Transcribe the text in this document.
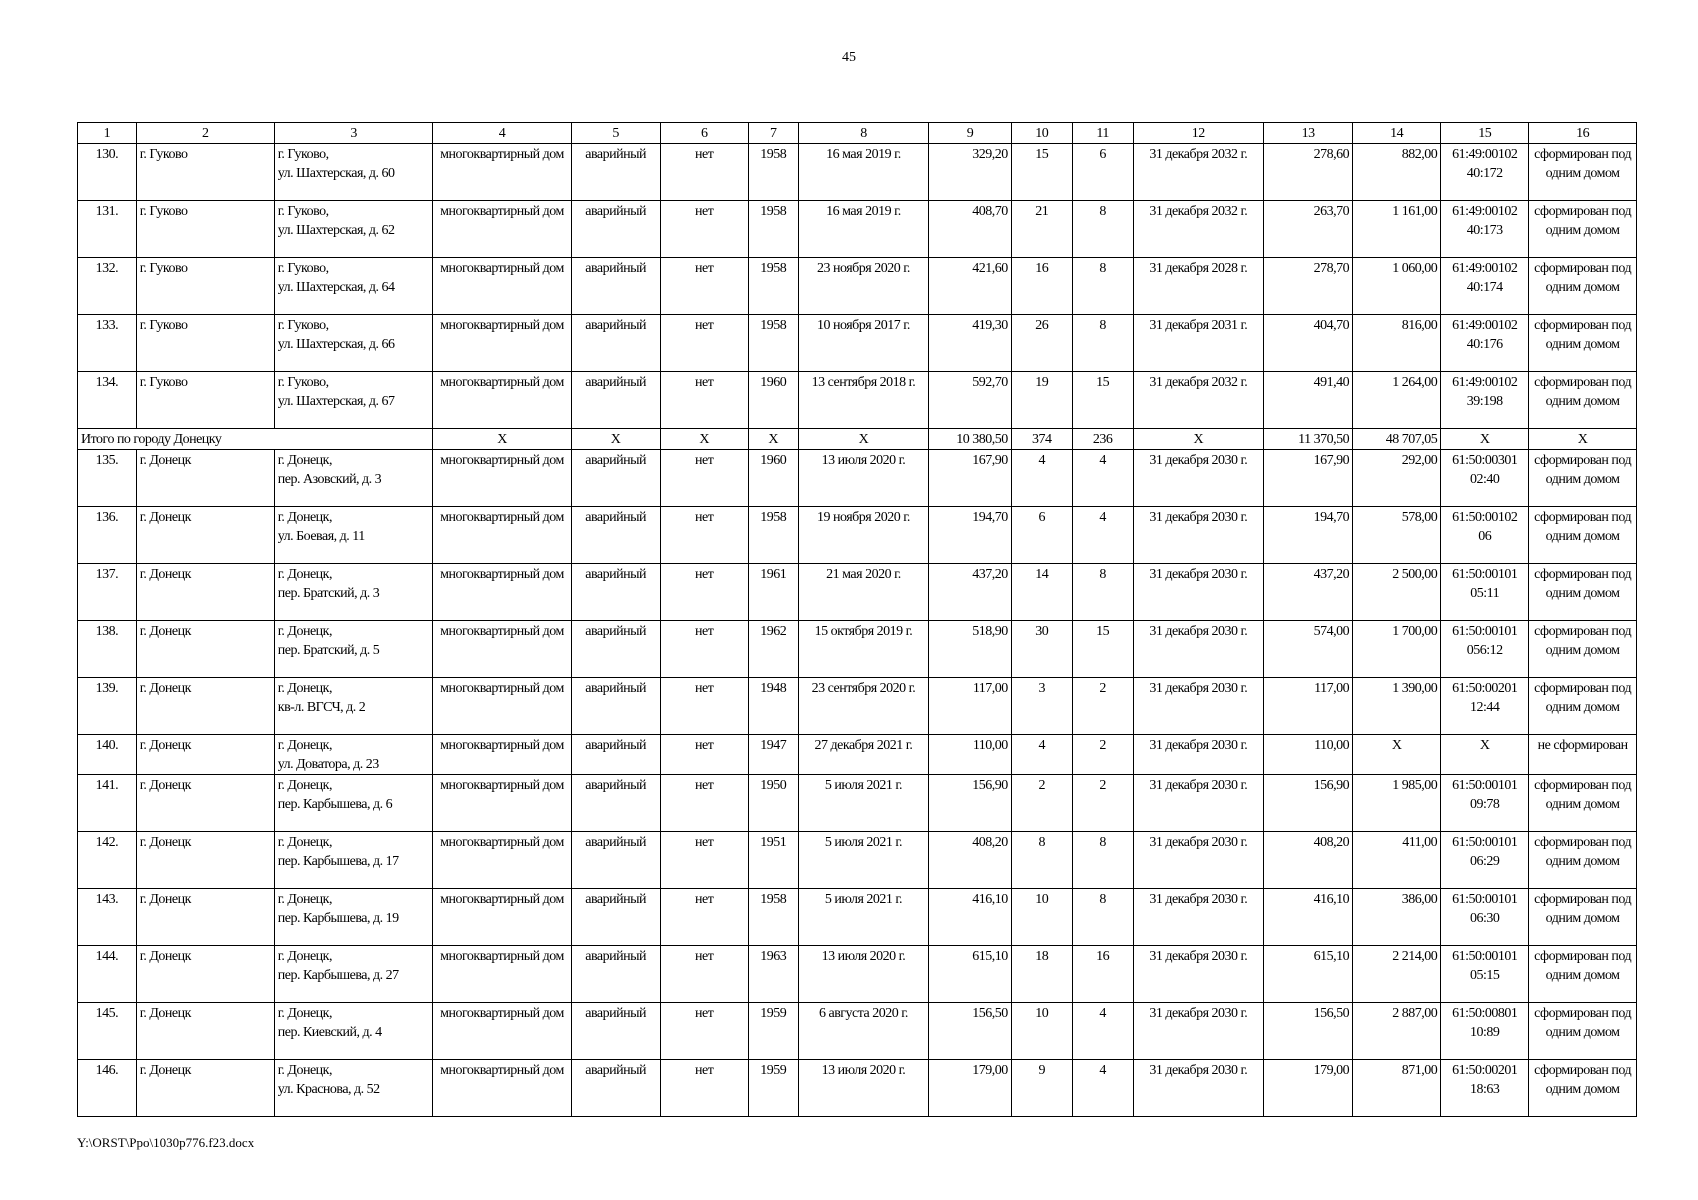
45
1	2	3	4	5	6	7	8	9	10	11	12	13	14	15	16
130.	г. Гуково	г. Гуково,
ул. Шахтерская, д. 60	многоквартирный дом	аварийный	нет	1958	16 мая 2019 г.	329,20	15	6	31 декабря 2032 г.	278,60	882,00	61:49:00102 40:172	сформирован под одним домом
131.	г. Гуково	г. Гуково,
ул. Шахтерская, д. 62	многоквартирный дом	аварийный	нет	1958	16 мая 2019 г.	408,70	21	8	31 декабря 2032 г.	263,70	1 161,00	61:49:00102 40:173	сформирован под одним домом
132.	г. Гуково	г. Гуково,
ул. Шахтерская, д. 64	многоквартирный дом	аварийный	нет	1958	23 ноября 2020 г.	421,60	16	8	31 декабря 2028 г.	278,70	1 060,00	61:49:00102 40:174	сформирован под одним домом
133.	г. Гуково	г. Гуково,
ул. Шахтерская, д. 66	многоквартирный дом	аварийный	нет	1958	10 ноября 2017 г.	419,30	26	8	31 декабря 2031 г.	404,70	816,00	61:49:00102 40:176	сформирован под одним домом
134.	г. Гуково	г. Гуково,
ул. Шахтерская, д. 67	многоквартирный дом	аварийный	нет	1960	13 сентября 2018 г.	592,70	19	15	31 декабря 2032 г.	491,40	1 264,00	61:49:00102 39:198	сформирован под одним домом
Итого по городу Донецку			X	X	X	X	X	10 380,50	374	236	X	11 370,50	48 707,05	X	X
135.	г. Донецк	г. Донецк,
пер. Азовский, д. 3	многоквартирный дом	аварийный	нет	1960	13 июля 2020 г.	167,90	4	4	31 декабря 2030 г.	167,90	292,00	61:50:00301 02:40	сформирован под одним домом
136.	г. Донецк	г. Донецк,
ул. Боевая, д. 11	многоквартирный дом	аварийный	нет	1958	19 ноября 2020 г.	194,70	6	4	31 декабря 2030 г.	194,70	578,00	61:50:00102 06	сформирован под одним домом
137.	г. Донецк	г. Донецк,
пер. Братский, д. 3	многоквартирный дом	аварийный	нет	1961	21 мая 2020 г.	437,20	14	8	31 декабря 2030 г.	437,20	2 500,00	61:50:00101 05:11	сформирован под одним домом
138.	г. Донецк	г. Донецк,
пер. Братский, д. 5	многоквартирный дом	аварийный	нет	1962	15 октября 2019 г.	518,90	30	15	31 декабря 2030 г.	574,00	1 700,00	61:50:00101 056:12	сформирован под одним домом
139.	г. Донецк	г. Донецк,
кв-л. ВГСЧ, д. 2	многоквартирный дом	аварийный	нет	1948	23 сентября 2020 г.	117,00	3	2	31 декабря 2030 г.	117,00	1 390,00	61:50:00201 12:44	сформирован под одним домом
140.	г. Донецк	г. Донецк,
ул. Доватора, д. 23	многоквартирный дом	аварийный	нет	1947	27 декабря 2021 г.	110,00	4	2	31 декабря 2030 г.	110,00	X	X	не сформирован
141.	г. Донецк	г. Донецк,
пер. Карбышева, д. 6	многоквартирный дом	аварийный	нет	1950	5 июля 2021 г.	156,90	2	2	31 декабря 2030 г.	156,90	1 985,00	61:50:00101 09:78	сформирован под одним домом
142.	г. Донецк	г. Донецк,
пер. Карбышева, д. 17	многоквартирный дом	аварийный	нет	1951	5 июля 2021 г.	408,20	8	8	31 декабря 2030 г.	408,20	411,00	61:50:00101 06:29	сформирован под одним домом
143.	г. Донецк	г. Донецк,
пер. Карбышева, д. 19	многоквартирный дом	аварийный	нет	1958	5 июля 2021 г.	416,10	10	8	31 декабря 2030 г.	416,10	386,00	61:50:00101 06:30	сформирован под одним домом
144.	г. Донецк	г. Донецк,
пер. Карбышева, д. 27	многоквартирный дом	аварийный	нет	1963	13 июля 2020 г.	615,10	18	16	31 декабря 2030 г.	615,10	2 214,00	61:50:00101 05:15	сформирован под одним домом
145.	г. Донецк	г. Донецк,
пер. Киевский, д. 4	многоквартирный дом	аварийный	нет	1959	6 августа 2020 г.	156,50	10	4	31 декабря 2030 г.	156,50	2 887,00	61:50:00801 10:89	сформирован под одним домом
146.	г. Донецк	г. Донецк,
ул. Краснова, д. 52	многоквартирный дом	аварийный	нет	1959	13 июля 2020 г.	179,00	9	4	31 декабря 2030 г.	179,00	871,00	61:50:00201 18:63	сформирован под одним домом
Y:\ORST\Ppo\1030p776.f23.docx
